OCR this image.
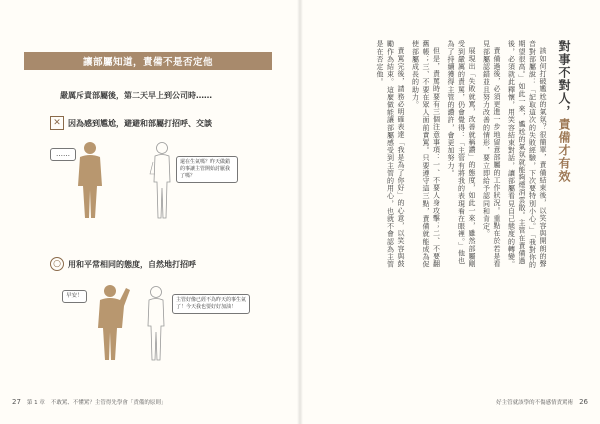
讓部屬知道，責備不是否定他
嚴厲斥責部屬後，第二天早上到公司時……
✕ 因為感到尷尬，避避和部屬打招呼、交談
……
還在生氣嗎？昨天做錯的事讓主管開始討厭我了嗎？
○ 用和平常相同的態度，自然地打招呼
早安！
主管好像已經不為昨天的事生氣了！今天我也要好好加油！
27 第 1 章 不敢罵、不懂罵？主管得先學會「責備的原則」
對事不對人，責備才有效

該如何打破尷尬的氣氛？很簡單，責備結束後，以笑容與開朗的聲音對部屬說：「記取這次的失敗經驗，下次要特別小心。」「我對你的期望很高。」如此一來，尷尬的氣氛就能夠煙消雲散。主管在責備過後，必須就此釋懷，用笑容結束對話，讓部屬看見自己態度的轉變。

責備過後，必須更進一步地留意部屬的工作狀況。重點在於若是看見部屬認錯並且努力改善的情形，要立即給予認同和肯定。

展現出「失敗就罵，改善就稱讚」的態度，如此一來，雖然部屬剛受到嚴厲的責罵，仍會覺得：「主管有將我的表現看在眼裡。」他也為了持續獲得主管的讚許，會更加努力。

但是，責罵時要有三個注意事項：一、不要人身攻擊；二、不要翻舊帳；三、不要在眾人面前責罵。只要遵守這三點，責備就能成為促使部屬成長的助力。

責罵完後，請務必明確表達「我是為了你好」的心意，以笑容與鼓勵作為結束。這麼做能讓部屬感受到主管的用心，也就不會認為主管是在否定他。

好主管就該學的不傷感情責罵術 26
